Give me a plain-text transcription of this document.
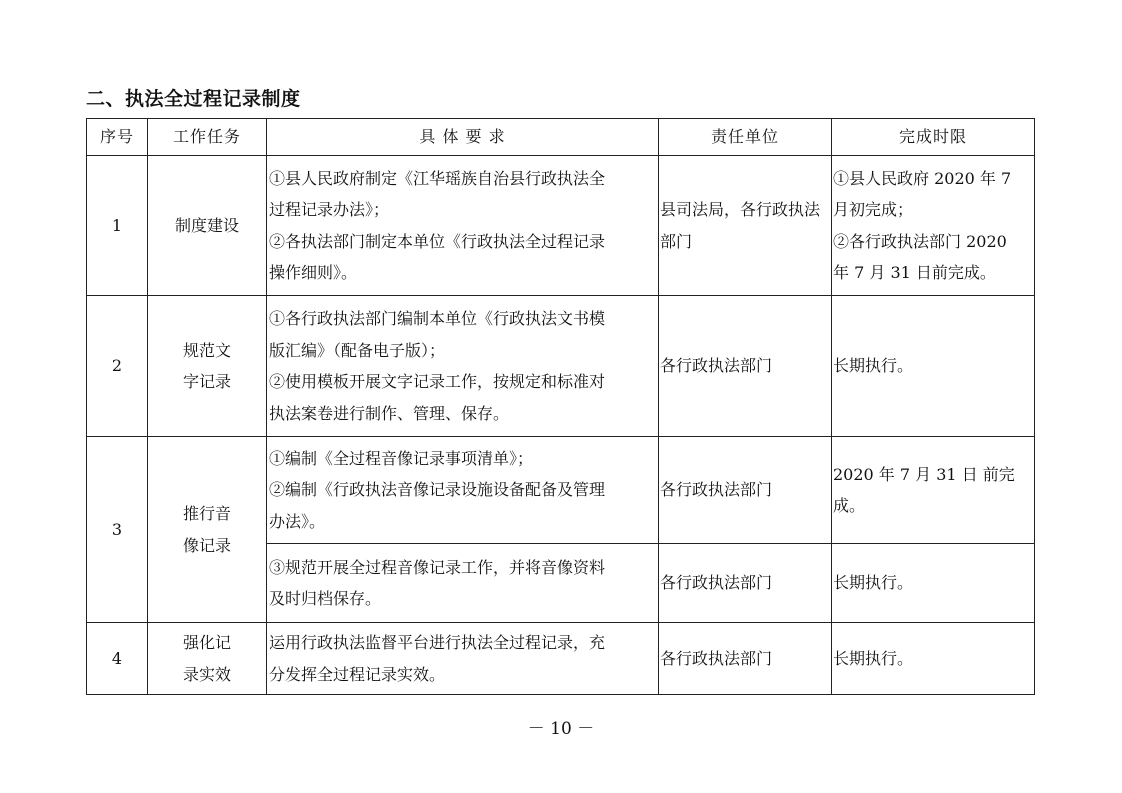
二、执法全过程记录制度
序号	工作任务	具 体 要 求	责任单位	完成时限
1	制度建设	①县人民政府制定《江华瑶族自治县行政执法全
过程记录办法》；
②各执法部门制定本单位《行政执法全过程记录
操作细则》。	县司法局，各行政执法部门	①县人民政府 2020 年 7
月初完成；
②各行政执法部门 2020
年 7 月 31 日前完成。

2	规范文
字记录	①各行政执法部门编制本单位《行政执法文书模
版汇编》（配备电子版）；
②使用模板开展文字记录工作，按规定和标准对
执法案卷进行制作、管理、保存。	各行政执法部门	长期执行。

3	推行音
像记录	①编制《全过程音像记录事项清单》；
②编制《行政执法音像记录设施设备配备及管理
办法》。	各行政执法部门	2020 年 7 月 31 日 前完
成。

		③规范开展全过程音像记录工作，并将音像资料
及时归档保存。	各行政执法部门	长期执行。

4	强化记
录实效	运用行政执法监督平台进行执法全过程记录，充
分发挥全过程记录实效。	各行政执法部门	长期执行。
－ 10 －
